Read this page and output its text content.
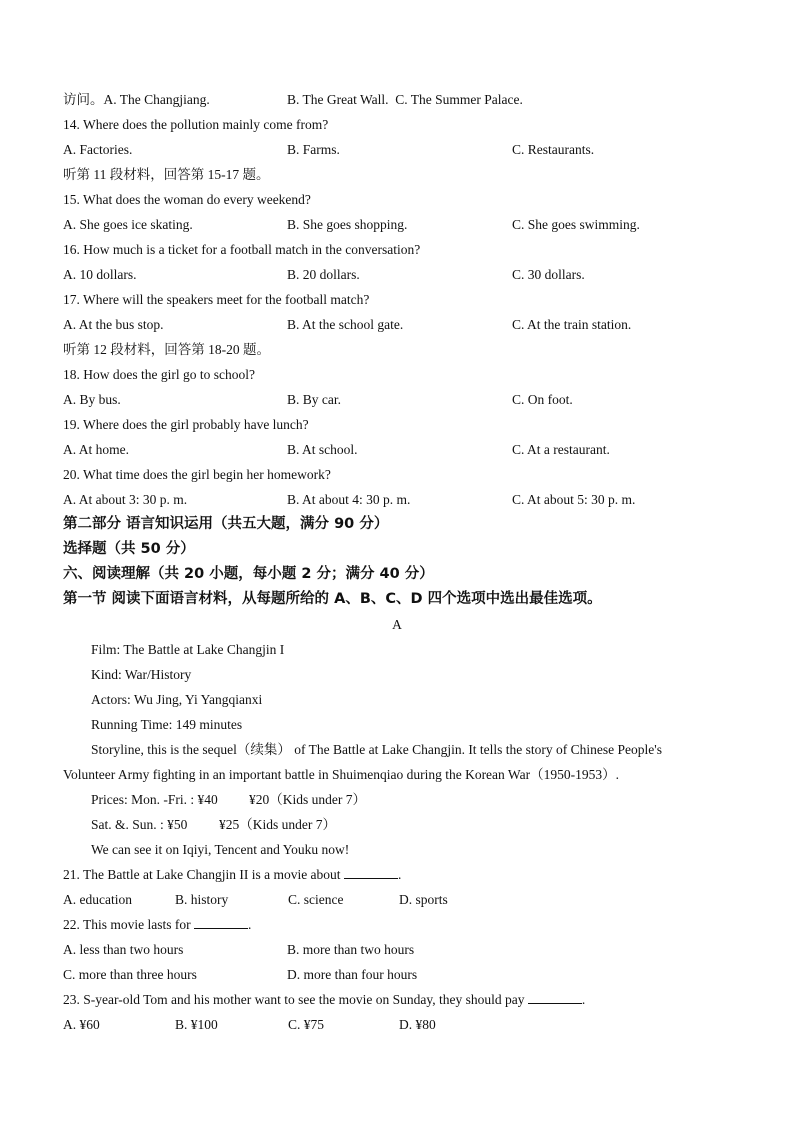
访问。A. The Changjiang.	B. The Great Wall. C. The Summer Palace.
14. Where does the pollution mainly come from?
A. Factories.	B. Farms.	C. Restaurants.
听第 11 段材料，回答第 15-17 题。
15. What does the woman do every weekend?
A. She goes ice skating.	B. She goes shopping.	C. She goes swimming.
16. How much is a ticket for a football match in the conversation?
A. 10 dollars.	B. 20 dollars.	C. 30 dollars.
17. Where will the speakers meet for the football match?
A. At the bus stop.	B. At the school gate.	C. At the train station.
听第 12 段材料，回答第 18-20 题。
18. How does the girl go to school?
A. By bus.	B. By car.	C. On foot.
19. Where does the girl probably have lunch?
A. At home.	B. At school.	C. At a restaurant.
20. What time does the girl begin her homework?
A. At about 3: 30 p. m.	B. At about 4: 30 p. m.	C. At about 5: 30 p. m.
第二部分 语言知识运用（共五大题，满分 90 分）
选择题（共 50 分）
六、阅读理解（共 20 小题，每小题 2 分；满分 40 分）
第一节 阅读下面语言材料，从每题所给的 A、B、C、D 四个选项中选出最佳选项。
A
Film: The Battle at Lake Changjin I
Kind: War/History
Actors: Wu Jing, Yi Yangqianxi
Running Time: 149 minutes
Storyline, this is the sequel（续集） of The Battle at Lake Changjin. It tells the story of Chinese People's
Volunteer Army fighting in an important battle in Shuimenqiao during the Korean War（1950-1953）.
Prices: Mon. -Fri. : ¥40 ¥20（Kids under 7）
Sat. &. Sun. : ¥50 ¥25（Kids under 7）
We can see it on Iqiyi, Tencent and Youku now!
21. The Battle at Lake Changjin II is a movie about	.
A. education	B. history	C. science	D. sports
22. This movie lasts for	.
A. less than two hours	B. more than two hours
C. more than three hours	D. more than four hours
23. S-year-old Tom and his mother want to see the movie on Sunday, they should pay	.
A. ¥60	B. ¥100	C. ¥75	D. ¥80
